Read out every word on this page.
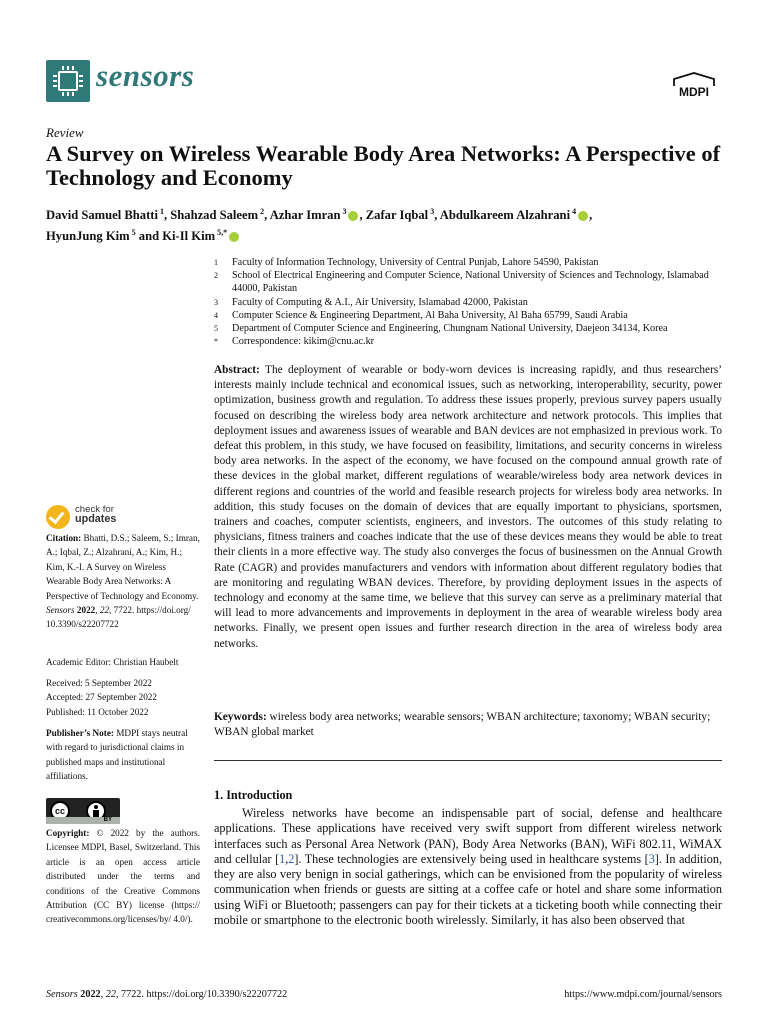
sensors	MDPI
Review
A Survey on Wireless Wearable Body Area Networks: A Perspective of Technology and Economy
David Samuel Bhatti $^1$, Shahzad Saleem $^2$, Azhar Imran $^3$ , Zafar Iqbal $^3$, Abdulkareem Alzahrani $^4$ ,
HyunJung Kim $^5$ and Ki-Il Kim $^{5,*}$
1	Faculty of Information Technology, University of Central Punjab, Lahore 54590, Pakistan
2	School of Electrical Engineering and Computer Science, National University of Sciences and Technology, Islamabad 44000, Pakistan
3	Faculty of Computing & A.I., Air University, Islamabad 42000, Pakistan
4	Computer Science & Engineering Department, Al Baha University, Al Baha 65799, Saudi Arabia
5	Department of Computer Science and Engineering, Chungnam National University, Daejeon 34134, Korea
*	Correspondence: kikim@cnu.ac.kr
Abstract: The deployment of wearable or body-worn devices is increasing rapidly, and thus researchers’ interests mainly include technical and economical issues, such as networking, interoperability, security, power optimization, business growth and regulation. To address these issues properly, previous survey papers usually focused on describing the wireless body area network architecture and network protocols. This implies that deployment issues and awareness issues of wearable and BAN devices are not emphasized in previous work. To defeat this problem, in this study, we have focused on feasibility, limitations, and security concerns in wireless body area networks. In the aspect of the economy, we have focused on the compound annual growth rate of these devices in the global market, different regulations of wearable/wireless body area network devices in different regions and countries of the world and feasible research projects for wireless body area networks. In addition, this study focuses on the domain of devices that are equally important to physicians, sportsmen, trainers and coaches, computer scientists, engineers, and investors. The outcomes of this study relating to physicians, fitness trainers and coaches indicate that the use of these devices means they would be able to treat their clients in a more effective way. The study also converges the focus of businessmen on the Annual Growth Rate (CAGR) and provides manufacturers and vendors with information about different regulatory bodies that are monitoring and regulating WBAN devices. Therefore, by providing deployment issues in the aspects of technology and economy at the same time, we believe that this survey can serve as a preliminary material that will lead to more advancements and improvements in deployment in the area of wearable wireless body area networks. Finally, we present open issues and further research direction in the area of wireless body area networks.
Keywords: wireless body area networks; wearable sensors; WBAN architecture; taxonomy; WBAN security; WBAN global market
1. Introduction
Wireless networks have become an indispensable part of social, defense and healthcare applications. These applications have received very swift support from different wireless network interfaces such as Personal Area Network (PAN), Body Area Networks (BAN), WiFi 802.11, WiMAX and cellular [1,2]. These technologies are extensively being used in healthcare systems [3]. In addition, they are also very benign in social gatherings, which can be envisioned from the popularity of wireless communication when friends or guests are sitting at a coffee cafe or hotel and share some information using WiFi or Bluetooth; passengers can pay for their tickets at a ticketing booth while connecting their mobile or smartphone to the electronic booth wirelessly. Similarly, it has also been observed that
check for
updates
Citation: Bhatti, D.S.; Saleem, S.; Imran, A.; Iqbal, Z.; Alzahrani, A.; Kim, H.; Kim, K.-I. A Survey on Wireless Wearable Body Area Networks: A Perspective of Technology and Economy. Sensors 2022, 22, 7722. https://doi.org/ 10.3390/s22207722
Academic Editor: Christian Haubelt
Received: 5 September 2022
Accepted: 27 September 2022
Published: 11 October 2022
Publisher’s Note: MDPI stays neutral with regard to jurisdictional claims in published maps and institutional affiliations.
cc
BY
Copyright: © 2022 by the authors. Licensee MDPI, Basel, Switzerland. This article is an open access article distributed under the terms and conditions of the Creative Commons Attribution (CC BY) license (https:// creativecommons.org/licenses/by/ 4.0/).
Sensors 2022, 22, 7722. https://doi.org/10.3390/s22207722	https://www.mdpi.com/journal/sensors
